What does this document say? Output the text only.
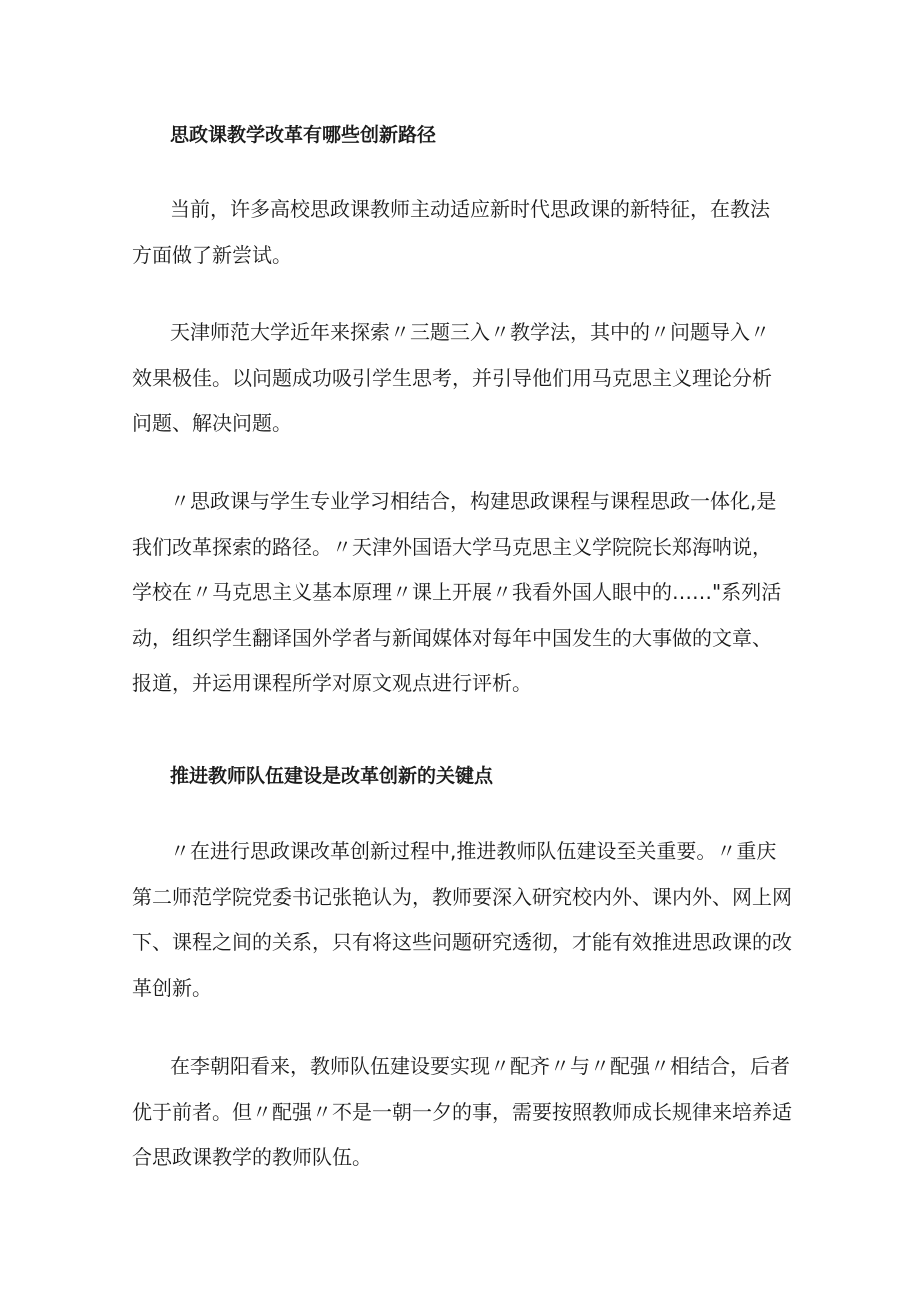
思政课教学改革有哪些创新路径
当前，许多高校思政课教师主动适应新时代思政课的新特征，在教法
方面做了新尝试。
天津师范大学近年来探索〃三题三入〃教学法，其中的〃问题导入〃
效果极佳。以问题成功吸引学生思考，并引导他们用马克思主义理论分析
问题、解决问题。
〃思政课与学生专业学习相结合，构建思政课程与课程思政一体化,是
我们改革探索的路径。〃天津外国语大学马克思主义学院院长郑海呐说，
学校在〃马克思主义基本原理〃课上开展〃我看外国人眼中的……"系列活
动，组织学生翻译国外学者与新闻媒体对每年中国发生的大事做的文章、
报道，并运用课程所学对原文观点进行评析。
推进教师队伍建设是改革创新的关键点
〃在进行思政课改革创新过程中,推进教师队伍建设至关重要。〃重庆
第二师范学院党委书记张艳认为，教师要深入研究校内外、课内外、网上网
下、课程之间的关系，只有将这些问题研究透彻，才能有效推进思政课的改
革创新。
在李朝阳看来，教师队伍建设要实现〃配齐〃与〃配强〃相结合，后者
优于前者。但〃配强〃不是一朝一夕的事，需要按照教师成长规律来培养适
合思政课教学的教师队伍。
